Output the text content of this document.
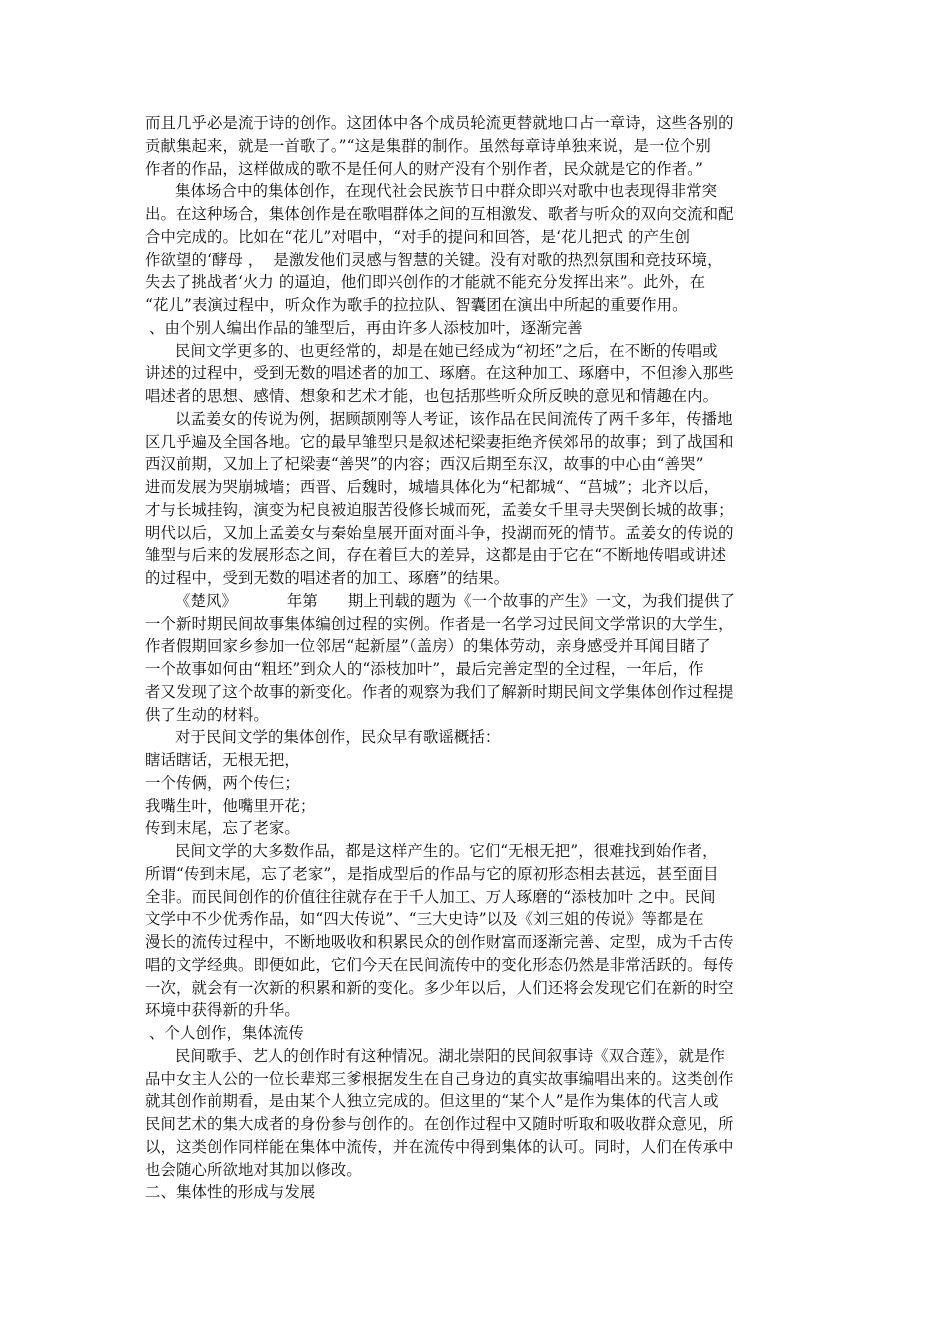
而且几乎必是流于诗的创作。这团体中各个成员轮流更替就地口占一章诗，这些各别的
贡献集起来，就是一首歌了。”“这是集群的制作。虽然每章诗单独来说，是一位个别
作者的作品，这样做成的歌不是任何人的财产没有个别作者，民众就是它的作者。”
集体场合中的集体创作，在现代社会民族节日中群众即兴对歌中也表现得非常突
出。在这种场合，集体创作是在歌唱群体之间的互相激发、歌者与听众的双向交流和配
合中完成的。比如在“花儿”对唱中，“对手的提问和回答，是‘花儿把式 的产生创
作欲望的‘酵母 ，  是激发他们灵感与智慧的关键。没有对歌的热烈氛围和竞技环境，
失去了挑战者‘火力 的逼迫，他们即兴创作的才能就不能充分发挥出来”。此外，在
“花儿”表演过程中，听众作为歌手的拉拉队、智囊团在演出中所起的重要作用。
、由个别人编出作品的雏型后，再由许多人添枝加叶，逐渐完善
民间文学更多的、也更经常的，却是在她已经成为“初坯”之后，在不断的传唱或
讲述的过程中，受到无数的唱述者的加工、琢磨。在这种加工、琢磨中，不但渗入那些
唱述者的思想、感情、想象和艺术才能，也包括那些听众所反映的意见和情趣在内。
以孟姜女的传说为例，据顾颉刚等人考证，该作品在民间流传了两千多年，传播地
区几乎遍及全国各地。它的最早雏型只是叙述杞梁妻拒绝齐侯郊吊的故事；到了战国和
西汉前期，又加上了杞梁妻“善哭”的内容；西汉后期至东汉，故事的中心由“善哭”
进而发展为哭崩城墙；西晋、后魏时，城墙具体化为“杞都城“、“莒城”；北齐以后，
才与长城挂钩，演变为杞良被迫服苦役修长城而死，孟姜女千里寻夫哭倒长城的故事；
明代以后，又加上孟姜女与秦始皇展开面对面斗争，投湖而死的情节。孟姜女的传说的
雏型与后来的发展形态之间，存在着巨大的差异，这都是由于它在“不断地传唱或讲述
的过程中，受到无数的唱述者的加工、琢磨”的结果。
《楚风》          年第      期上刊载的题为《一个故事的产生》一文，为我们提供了
一个新时期民间故事集体编创过程的实例。作者是一名学习过民间文学常识的大学生，
作者假期回家乡参加一位邻居“起新屋”（盖房）的集体劳动，亲身感受并耳闻目睹了
一个故事如何由“粗坯”到众人的“添枝加叶”，最后完善定型的全过程，一年后，作
者又发现了这个故事的新变化。作者的观察为我们了解新时期民间文学集体创作过程提
供了生动的材料。
对于民间文学的集体创作，民众早有歌谣概括：
瞎话瞎话，无根无把，
一个传俩，两个传仨；
我嘴生叶，他嘴里开花；
传到末尾，忘了老家。
民间文学的大多数作品，都是这样产生的。它们“无根无把”，很难找到始作者，
所谓“传到末尾，忘了老家”，是指成型后的作品与它的原初形态相去甚远，甚至面目
全非。而民间创作的价值往往就存在于千人加工、万人琢磨的“添枝加叶 之中。民间
文学中不少优秀作品，如“四大传说”、“三大史诗”以及《刘三姐的传说》等都是在
漫长的流传过程中，不断地吸收和积累民众的创作财富而逐渐完善、定型，成为千古传
唱的文学经典。即便如此，它们今天在民间流传中的变化形态仍然是非常活跃的。每传
一次，就会有一次新的积累和新的变化。多少年以后，人们还将会发现它们在新的时空
环境中获得新的升华。
、个人创作，集体流传
民间歌手、艺人的创作时有这种情况。湖北崇阳的民间叙事诗《双合莲》，就是作
品中女主人公的一位长辈郑三爹根据发生在自己身边的真实故事编唱出来的。这类创作
就其创作前期看，是由某个人独立完成的。但这里的“某个人”是作为集体的代言人或
民间艺术的集大成者的身份参与创作的。在创作过程中又随时听取和吸收群众意见，所
以，这类创作同样能在集体中流传，并在流传中得到集体的认可。同时，人们在传承中
也会随心所欲地对其加以修改。
二、集体性的形成与发展
